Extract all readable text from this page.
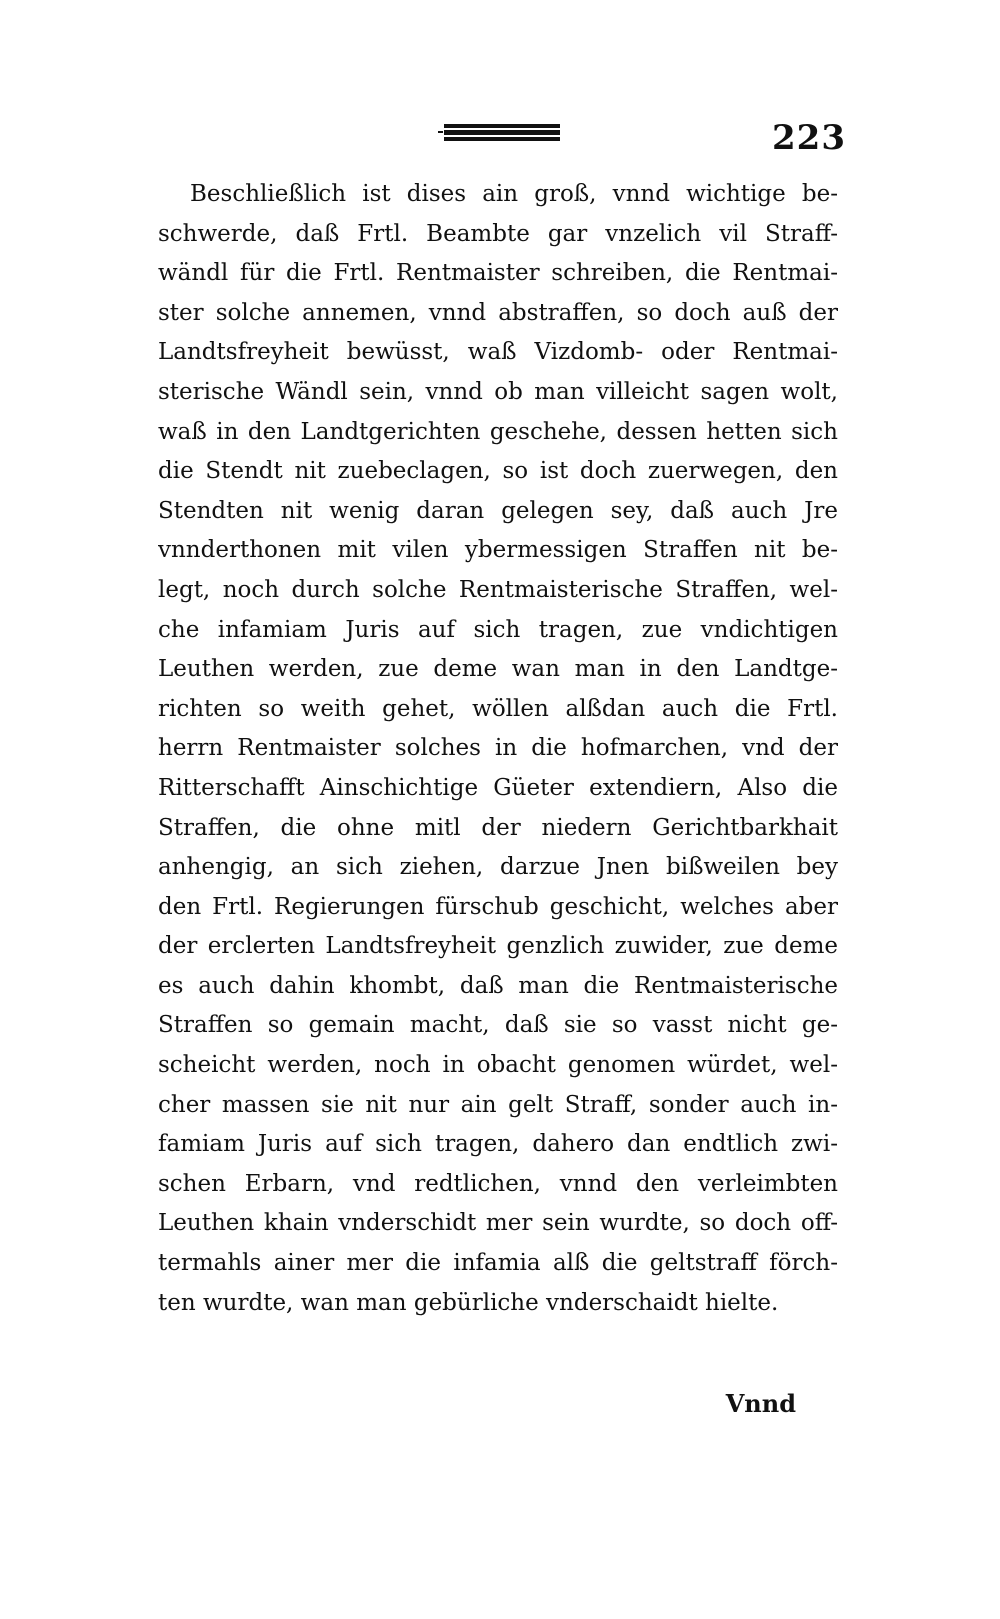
223
Beschließlich ist dises ain groß, vnnd wichtige be-
schwerde, daß Frtl. Beambte gar vnzelich vil Straff-
wändl für die Frtl. Rentmaister schreiben, die Rentmai-
ster solche annemen, vnnd abstraffen, so doch auß der
Landtsfreyheit bewüsst, waß Vizdomb- oder Rentmai-
sterische Wändl sein, vnnd ob man villeicht sagen wolt,
waß in den Landtgerichten geschehe, dessen hetten sich
die Stendt nit zuebeclagen, so ist doch zuerwegen, den
Stendten nit wenig daran gelegen sey, daß auch Jre
vnnderthonen mit vilen ybermessigen Straffen nit be-
legt, noch durch solche Rentmaisterische Straffen, wel-
che infamiam Juris auf sich tragen, zue vndichtigen
Leuthen werden, zue deme wan man in den Landtge-
richten so weith gehet, wöllen alßdan auch die Frtl.
herrn Rentmaister solches in die hofmarchen, vnd der
Ritterschafft Ainschichtige Güeter extendiern, Also die
Straffen, die ohne mitl der niedern Gerichtbarkhait
anhengig, an sich ziehen, darzue Jnen bißweilen bey
den Frtl. Regierungen fürschub geschicht, welches aber
der erclerten Landtsfreyheit genzlich zuwider, zue deme
es auch dahin khombt, daß man die Rentmaisterische
Straffen so gemain macht, daß sie so vasst nicht ge-
scheicht werden, noch in obacht genomen würdet, wel-
cher massen sie nit nur ain gelt Straff, sonder auch in-
famiam Juris auf sich tragen, dahero dan endtlich zwi-
schen Erbarn, vnd redtlichen, vnnd den verleimbten
Leuthen khain vnderschidt mer sein wurdte, so doch off-
termahls ainer mer die infamia alß die geltstraff förch-
ten wurdte, wan man gebürliche vnderschaidt hielte.
Vnnd
